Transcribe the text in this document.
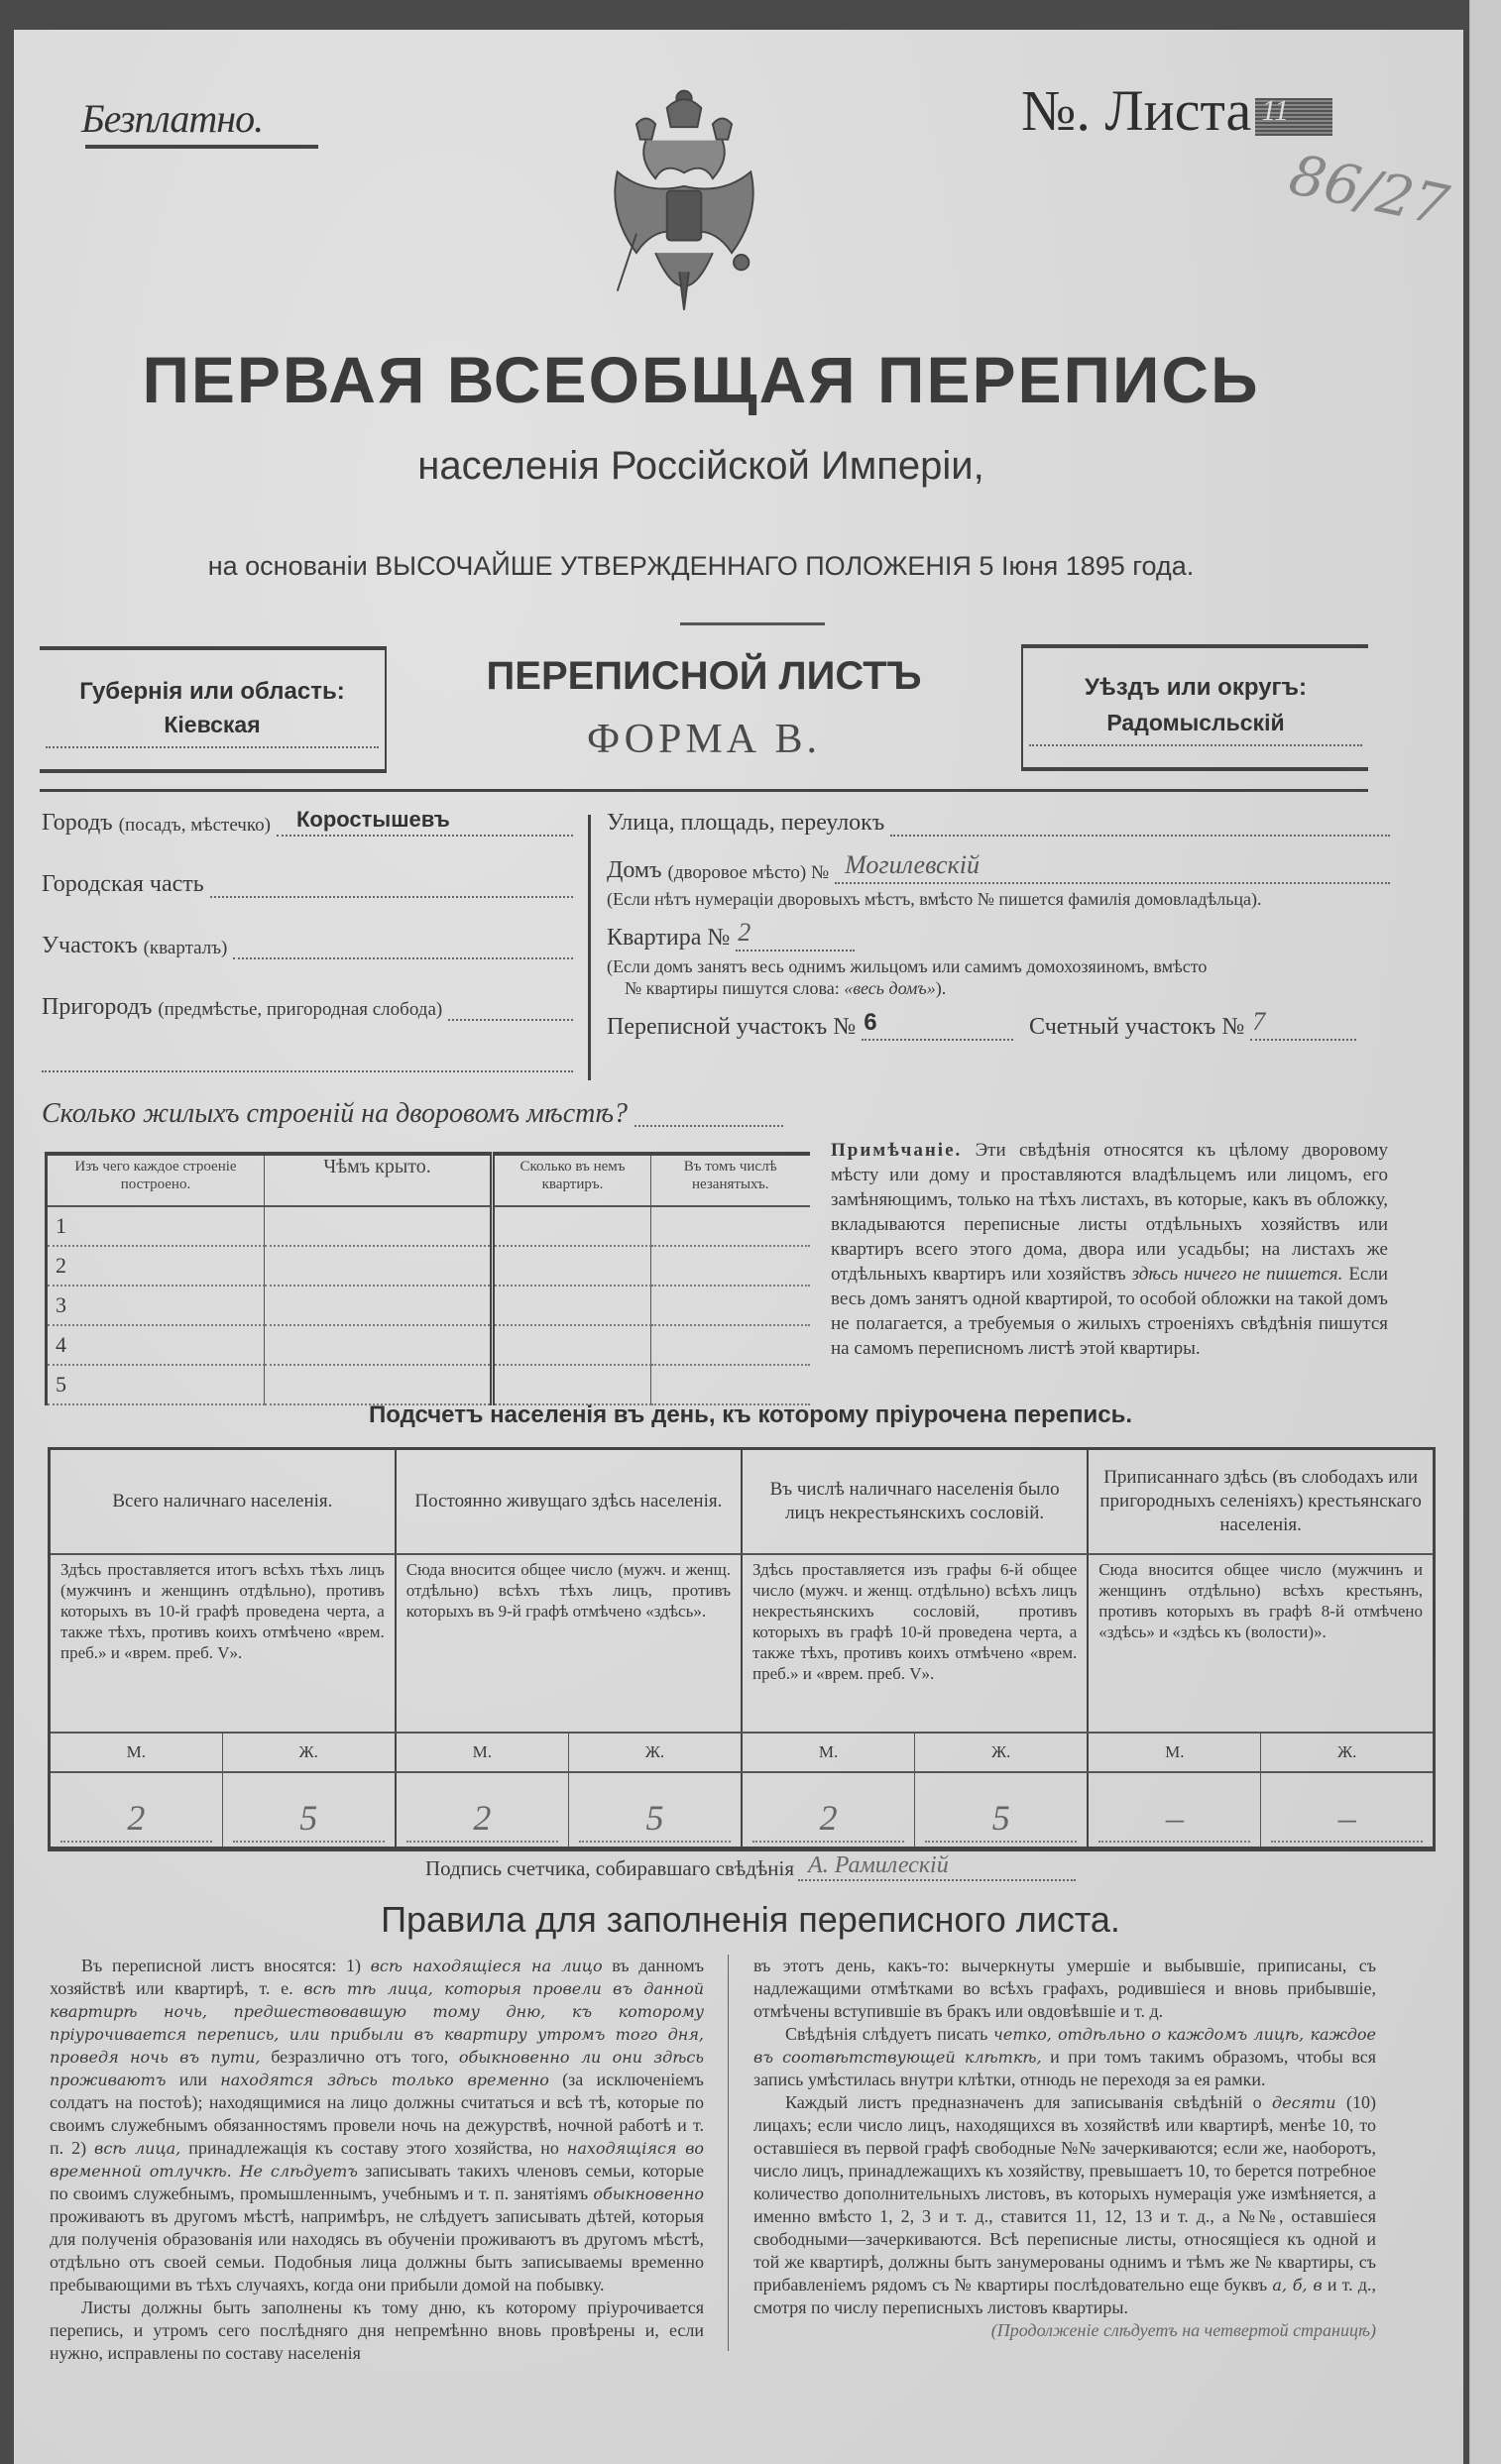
Безплатно.	№. Листа 11
86/27
ПЕРВАЯ ВСЕОБЩАЯ ПЕРЕПИСЬ
населенія Россійской Имперіи,
на основаніи ВЫСОЧАЙШЕ УТВЕРЖДЕННАГО ПОЛОЖЕНІЯ 5 Іюня 1895 года.
Губернія или область:
Кіевская
ПЕРЕПИСНОЙ ЛИСТЪ
ФОРМА В.
Уѣздъ или округъ:
Радомысльскій
Городъ (посадъ, мѣстечко) Коростышевъ
Городская часть
Участокъ (кварталъ)
Пригородъ (предмѣстье, пригородная слобода)
Улица, площадь, переулокъ
Домъ (дворовое мѣсто) № Могилевскій
(Если нѣтъ нумераціи дворовыхъ мѣстъ, вмѣсто № пишется фамилія домовладѣльца).
Квартира № 2
(Если домъ занятъ весь однимъ жильцомъ или самимъ домохозяиномъ, вмѣсто
№ квартиры пишутся слова: «весь домъ»).
Переписной участокъ № 6	Счетный участокъ № 7
Сколько жилыхъ строеній на дворовомъ мѣстѣ?
Изъ чего каждое строеніе построено.	Чѣмъ крыто.	Сколько въ немъ квартиръ.	Въ томъ числѣ незанятыхъ.
1			
2			
3			
4			
5			
Примѣчаніе. Эти свѣдѣнія относятся къ цѣлому дворовому мѣсту или дому и проставляются владѣльцемъ или лицомъ, его замѣняющимъ, только на тѣхъ листахъ, въ которые, какъ въ обложку, вкладываются переписные листы отдѣльныхъ хозяйствъ или квартиръ всего этого дома, двора или усадьбы; на листахъ же отдѣльныхъ квартиръ или хозяйствъ здѣсь ничего не пишется. Если весь домъ занятъ одной квартирой, то особой обложки на такой домъ не полагается, а требуемыя о жилыхъ строеніяхъ свѣдѣнія пишутся на самомъ переписномъ листѣ этой квартиры.
Подсчетъ населенія въ день, къ которому пріурочена перепись.
Всего наличнаго населенія.		Постоянно живущаго здѣсь населенія.		Въ числѣ наличнаго населенія было лицъ некрестьянскихъ сословій.		Приписаннаго здѣсь (въ слободахъ или пригородныхъ селеніяхъ) крестьянскаго населенія.	
Здѣсь проставляется итогъ всѣхъ тѣхъ лицъ (мужчинъ и женщинъ отдѣльно), противъ которыхъ въ 10-й графѣ проведена черта, а также тѣхъ, противъ коихъ отмѣчено «врем. преб.» и «врем. преб. V».		Сюда вносится общее число (мужч. и женщ. отдѣльно) всѣхъ тѣхъ лицъ, противъ которыхъ въ 9-й графѣ отмѣчено «здѣсь».		Здѣсь проставляется изъ графы 6-й общее число (мужч. и женщ. отдѣльно) всѣхъ лицъ некрестьянскихъ сословій, противъ которыхъ въ графѣ 10-й проведена черта, а также тѣхъ, противъ коихъ отмѣчено «врем. преб.» и «врем. преб. V».		Сюда вносится общее число (мужчинъ и женщинъ отдѣльно) всѣхъ крестьянъ, противъ которыхъ въ графѣ 8-й отмѣчено «здѣсь» и «здѣсь къ (волости)».	
М.	Ж.	М.	Ж.	М.	Ж.	М.	Ж.
2	5	2	5	2	5	–	–
Подпись счетчика, собиравшаго свѣдѣнія А. Рамилескій
Правила для заполненія переписного листа.

Въ переписной листъ вносятся: 1) всѣ находящіеся на лицо въ данномъ хозяйствѣ или квартирѣ, т. е. всѣ тѣ лица, которыя провели въ данной квартирѣ ночь, предшествовавшую тому дню, къ которому пріурочивается перепись, или прибыли въ квартиру утромъ того дня, проведя ночь въ пути, безразлично отъ того, обыкновенно ли они здѣсь проживаютъ или находятся здѣсь только временно (за исключеніемъ солдатъ на постоѣ); находящимися на лицо должны считаться и всѣ тѣ, которые по своимъ служебнымъ обязанностямъ провели ночь на дежурствѣ, ночной работѣ и т. п. 2) всѣ лица, принадлежащія къ составу этого хозяйства, но находящіяся во временной отлучкѣ. Не слѣдуетъ записывать такихъ членовъ семьи, которые по своимъ служебнымъ, промышленнымъ, учебнымъ и т. п. занятіямъ обыкновенно проживаютъ въ другомъ мѣстѣ, напримѣръ, не слѣдуетъ записывать дѣтей, которыя для полученія образованія или находясь въ обученіи проживаютъ въ другомъ мѣстѣ, отдѣльно отъ своей семьи. Подобныя лица должны быть записываемы временно пребывающими въ тѣхъ случаяхъ, когда они прибыли домой на побывку.

Листы должны быть заполнены къ тому дню, къ которому пріурочивается перепись, и утромъ сего послѣдняго дня непремѣнно вновь провѣрены и, если нужно, исправлены по составу населенія

въ этотъ день, какъ-то: вычеркнуты умершіе и выбывшіе, приписаны, съ надлежащими отмѣтками во всѣхъ графахъ, родившіеся и вновь прибывшіе, отмѣчены вступившіе въ бракъ или овдовѣвшіе и т. д.

Свѣдѣнія слѣдуетъ писать четко, отдѣльно о каждомъ лицѣ, каждое въ соотвѣтствующей клѣткѣ, и при томъ такимъ образомъ, чтобы вся запись умѣстилась внутри клѣтки, отнюдь не переходя за ея рамки.

Каждый листъ предназначенъ для записыванія свѣдѣній о десяти (10) лицахъ; если число лицъ, находящихся въ хозяйствѣ или квартирѣ, менѣе 10, то оставшіеся въ первой графѣ свободные №№ зачеркиваются; если же, наоборотъ, число лицъ, принадлежащихъ къ хозяйству, превышаетъ 10, то берется потребное количество дополнительныхъ листовъ, въ которыхъ нумерація уже измѣняется, а именно вмѣсто 1, 2, 3 и т. д., ставится 11, 12, 13 и т. д., а №№, оставшіеся свободными—зачеркиваются. Всѣ переписные листы, относящіеся къ одной и той же квартирѣ, должны быть занумерованы однимъ и тѣмъ же № квартиры, съ прибавленіемъ рядомъ съ № квартиры послѣдовательно еще буквъ а, б, в и т. д., смотря по числу переписныхъ листовъ квартиры.

(Продолженіе слѣдуетъ на четвертой страницѣ)
